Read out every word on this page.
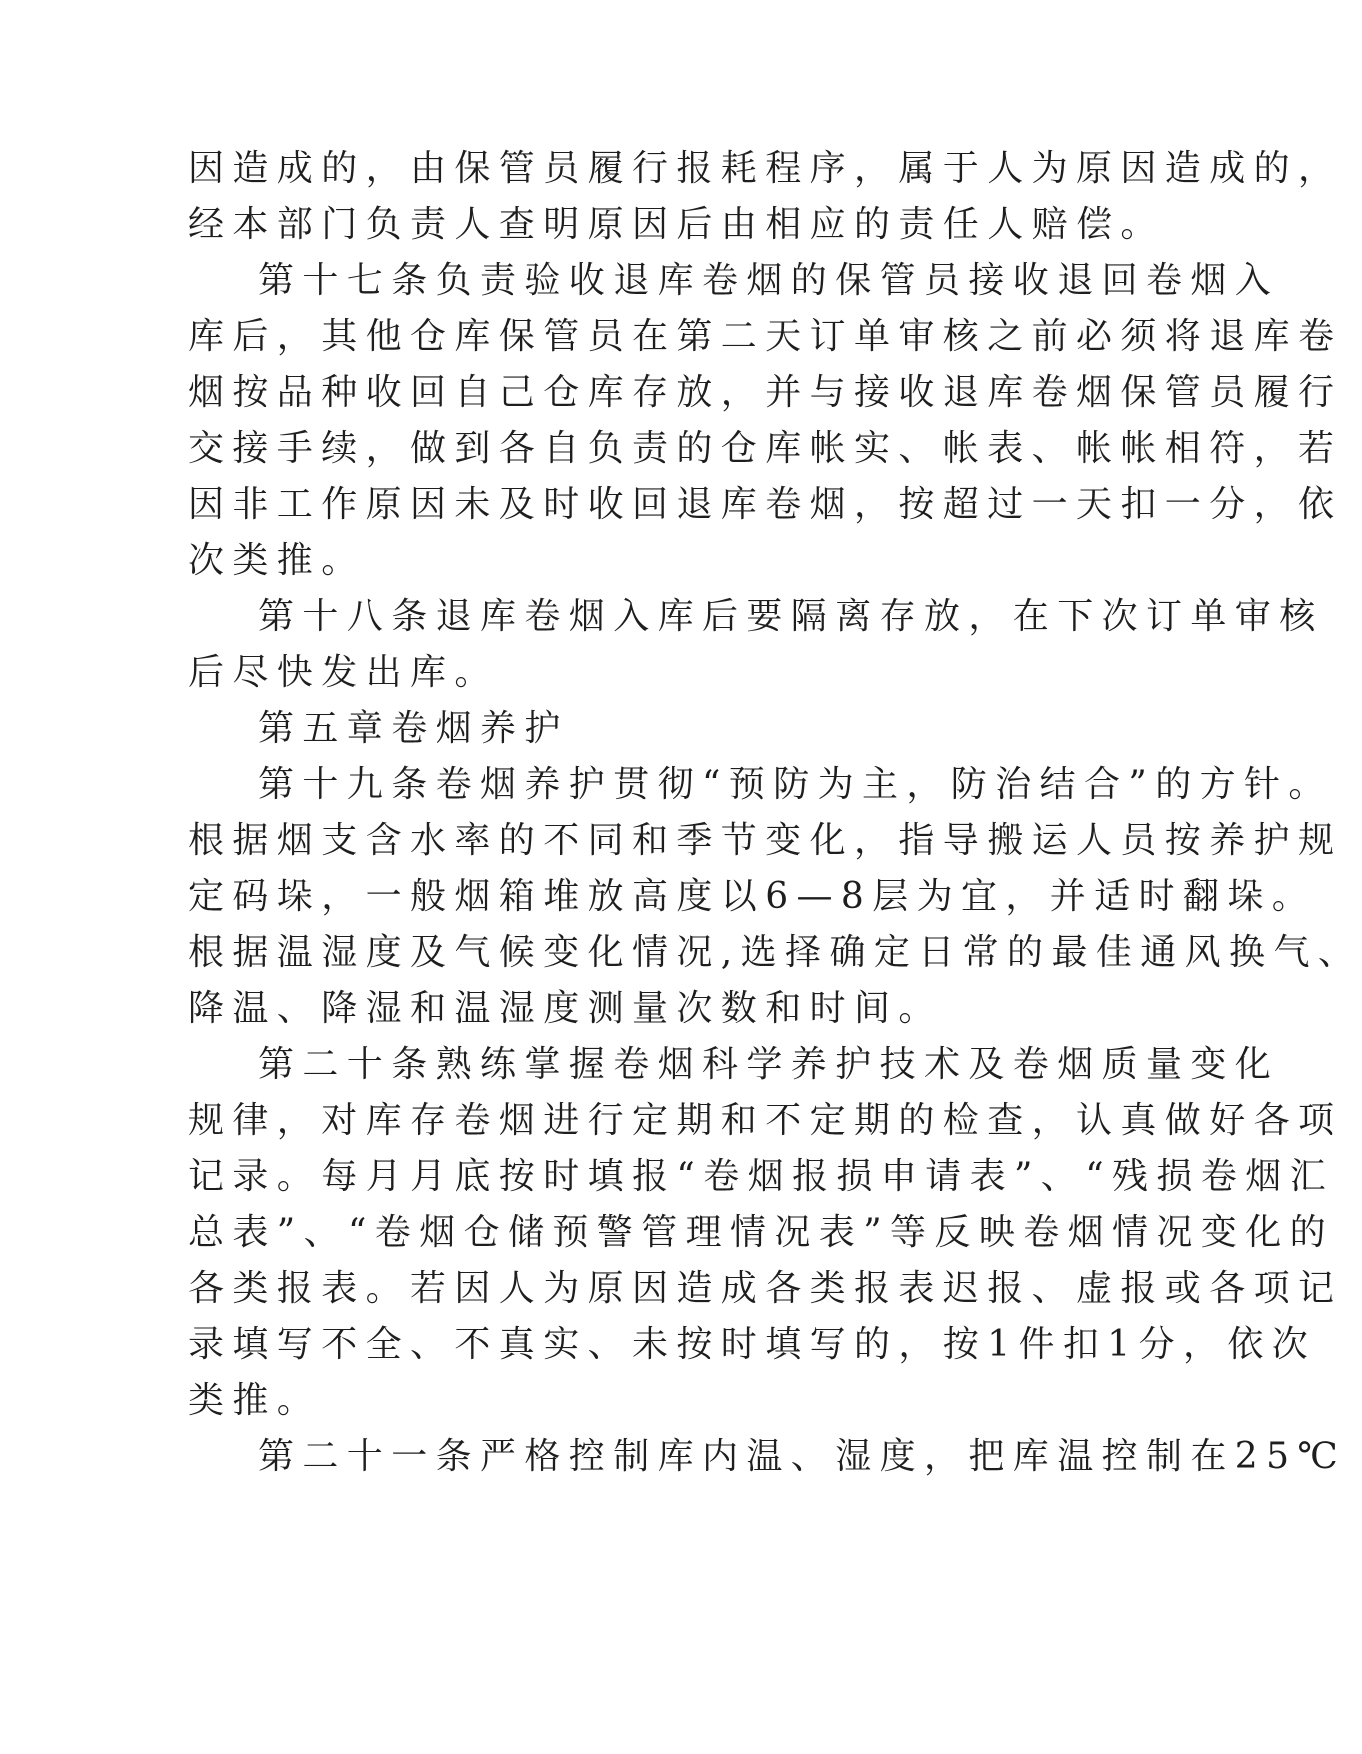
因造成的，由保管员履行报耗程序，属于人为原因造成的，
经本部门负责人查明原因后由相应的责任人赔偿。
第十七条负责验收退库卷烟的保管员接收退回卷烟入
库后，其他仓库保管员在第二天订单审核之前必须将退库卷
烟按品种收回自己仓库存放，并与接收退库卷烟保管员履行
交接手续，做到各自负责的仓库帐实、帐表、帐帐相符，若
因非工作原因未及时收回退库卷烟，按超过一天扣一分，依
次类推。
第十八条退库卷烟入库后要隔离存放，在下次订单审核
后尽快发出库。
第五章卷烟养护
第十九条卷烟养护贯彻“预防为主，防治结合”的方针。
根据烟支含水率的不同和季节变化，指导搬运人员按养护规
定码垛，一般烟箱堆放高度以6—8层为宜，并适时翻垛。
根据温湿度及气候变化情况,选择确定日常的最佳通风换气、
降温、降湿和温湿度测量次数和时间。
第二十条熟练掌握卷烟科学养护技术及卷烟质量变化
规律，对库存卷烟进行定期和不定期的检查，认真做好各项
记录。每月月底按时填报“卷烟报损申请表”、“残损卷烟汇
总表”、“卷烟仓储预警管理情况表”等反映卷烟情况变化的
各类报表。若因人为原因造成各类报表迟报、虚报或各项记
录填写不全、不真实、未按时填写的，按1件扣1分，依次
类推。
第二十一条严格控制库内温、湿度，把库温控制在25℃
